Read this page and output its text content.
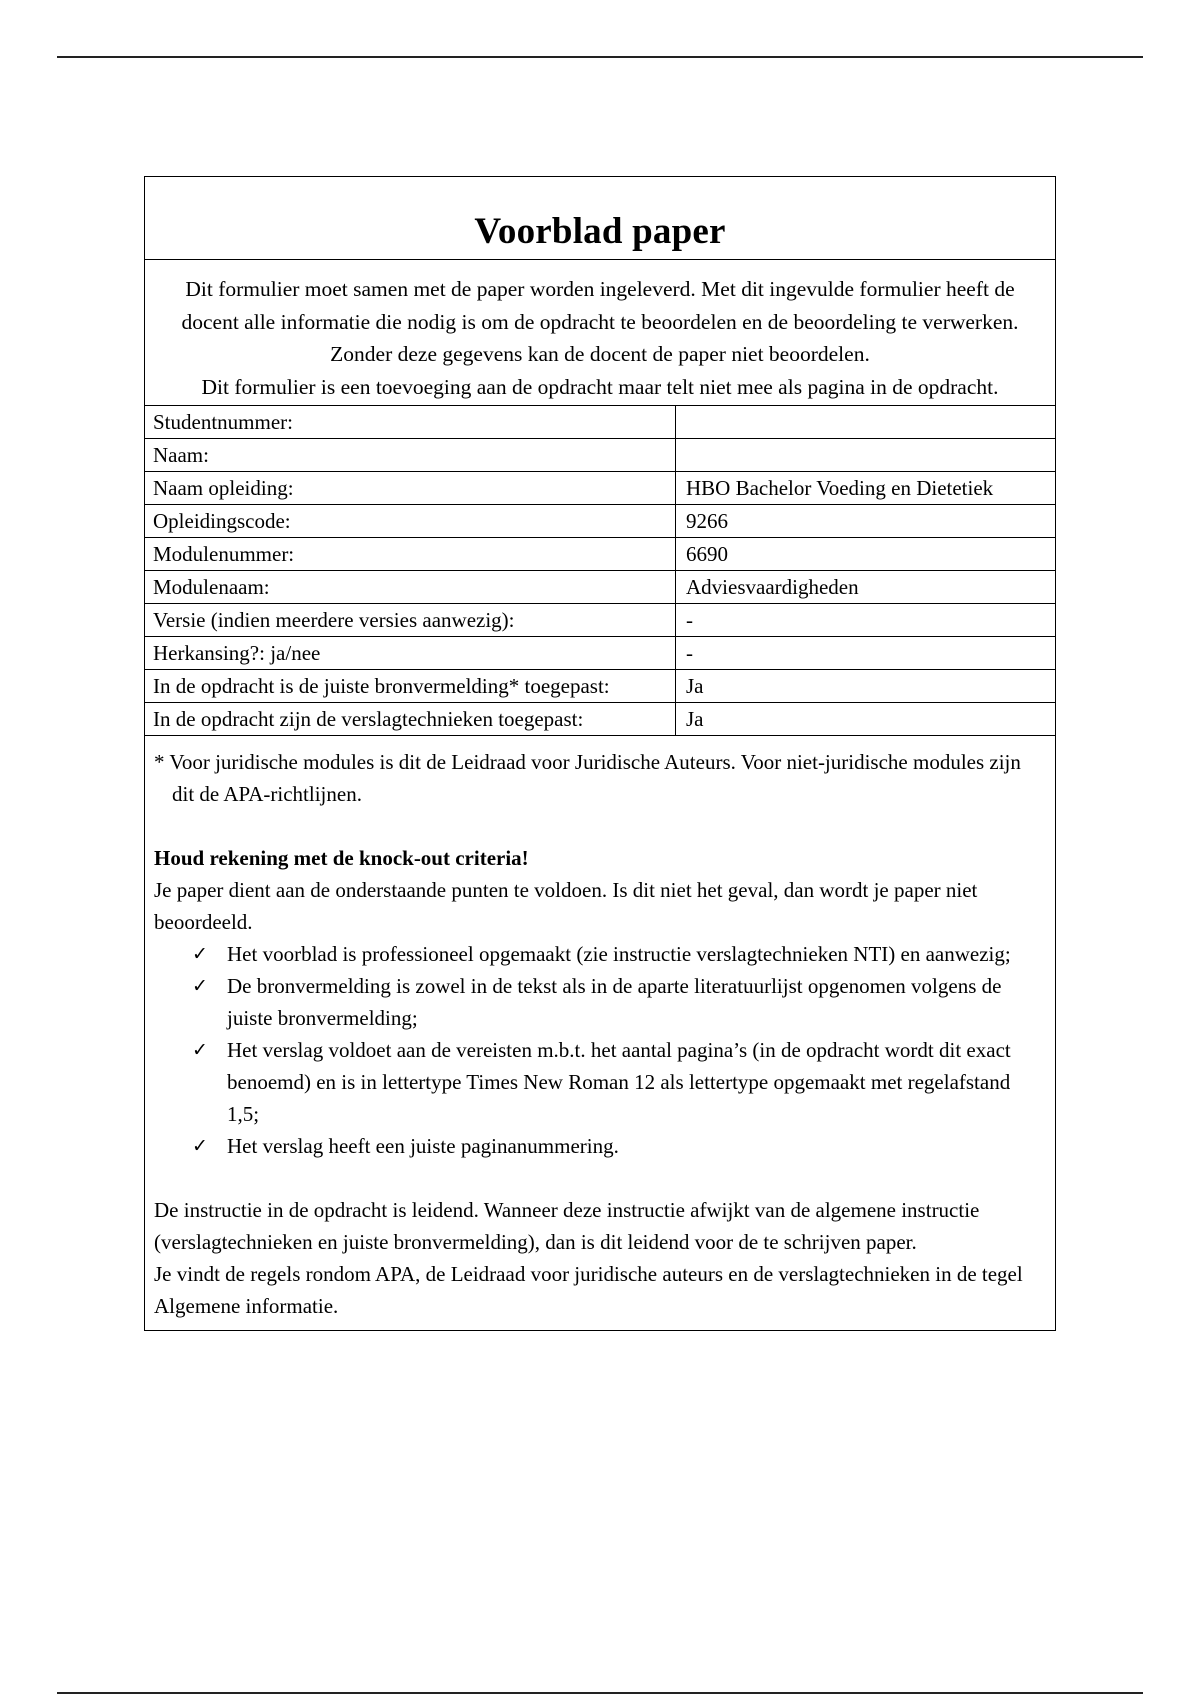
Voorblad paper

Dit formulier moet samen met de paper worden ingeleverd. Met dit ingevulde formulier heeft de docent alle informatie die nodig is om de opdracht te beoordelen en de beoordeling te verwerken. Zonder deze gegevens kan de docent de paper niet beoordelen.

Dit formulier is een toevoeging aan de opdracht maar telt niet mee als pagina in de opdracht.

Studentnummer:	
Naam:	
Naam opleiding:	HBO Bachelor Voeding en Dietetiek
Opleidingscode:	9266
Modulenummer:	6690
Modulenaam:	Adviesvaardigheden
Versie (indien meerdere versies aanwezig):	-
Herkansing?: ja/nee	-
In de opdracht is de juiste bronvermelding* toegepast:	Ja
In de opdracht zijn de verslagtechnieken toegepast:	Ja

* Voor juridische modules is dit de Leidraad voor Juridische Auteurs. Voor niet-juridische modules zijn dit de APA-richtlijnen.

Houd rekening met de knock-out criteria!

Je paper dient aan de onderstaande punten te voldoen. Is dit niet het geval, dan wordt je paper niet beoordeeld.

✓ Het voorblad is professioneel opgemaakt (zie instructie verslagtechnieken NTI) en aanwezig;
✓ De bronvermelding is zowel in de tekst als in de aparte literatuurlijst opgenomen volgens de juiste bronvermelding;
✓ Het verslag voldoet aan de vereisten m.b.t. het aantal pagina’s (in de opdracht wordt dit exact benoemd) en is in lettertype Times New Roman 12 als lettertype opgemaakt met regelafstand 1,5;
✓ Het verslag heeft een juiste paginanummering.

De instructie in de opdracht is leidend. Wanneer deze instructie afwijkt van de algemene instructie (verslagtechnieken en juiste bronvermelding), dan is dit leidend voor de te schrijven paper.

Je vindt de regels rondom APA, de Leidraad voor juridische auteurs en de verslagtechnieken in de tegel Algemene informatie.
